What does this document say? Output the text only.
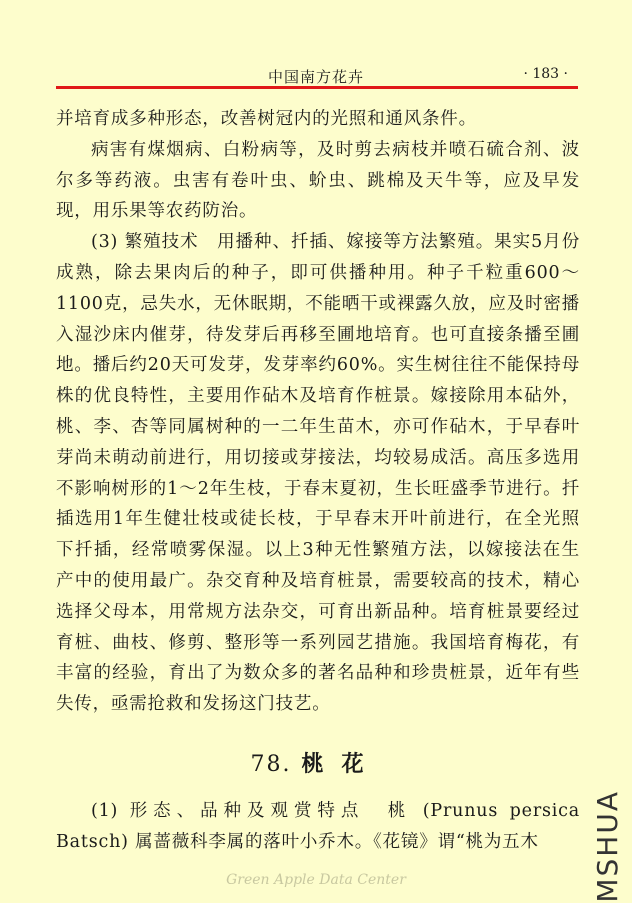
中国南方花卉	· 183 ·

并培育成多种形态，改善树冠内的光照和通风条件。

病害有煤烟病、白粉病等，及时剪去病枝并喷石硫合剂、波尔多等药液。虫害有卷叶虫、蚧虫、跳棉及天牛等，应及早发现，用乐果等农药防治。

(3) 繁殖技术　用播种、扦插、嫁接等方法繁殖。果实5月份成熟，除去果肉后的种子，即可供播种用。种子千粒重600～1100克，忌失水，无休眠期，不能晒干或裸露久放，应及时密播入湿沙床内催芽，待发芽后再移至圃地培育。也可直接条播至圃地。播后约20天可发芽，发芽率约60%。实生树往往不能保持母株的优良特性，主要用作砧木及培育作桩景。嫁接除用本砧外，桃、李、杏等同属树种的一二年生苗木，亦可作砧木，于早春叶芽尚未萌动前进行，用切接或芽接法，均较易成活。高压多选用不影响树形的1～2年生枝，于春末夏初，生长旺盛季节进行。扦插选用1年生健壮枝或徒长枝，于早春末开叶前进行，在全光照下扦插，经常喷雾保湿。以上3种无性繁殖方法，以嫁接法在生产中的使用最广。杂交育种及培育桩景，需要较高的技术，精心选择父母本，用常规方法杂交，可育出新品种。培育桩景要经过育桩、曲枝、修剪、整形等一系列园艺措施。我国培育梅花，有丰富的经验，育出了为数众多的著名品种和珍贵桩景，近年有些失传，亟需抢救和发扬这门技艺。

78. 桃花

(1) 形态、品种及观赏特点　桃 (Prunus persica Batsch) 属蔷薇科李属的落叶小乔木。《花镜》谓“桃为五木

Green Apple Data Center	MSHUA
